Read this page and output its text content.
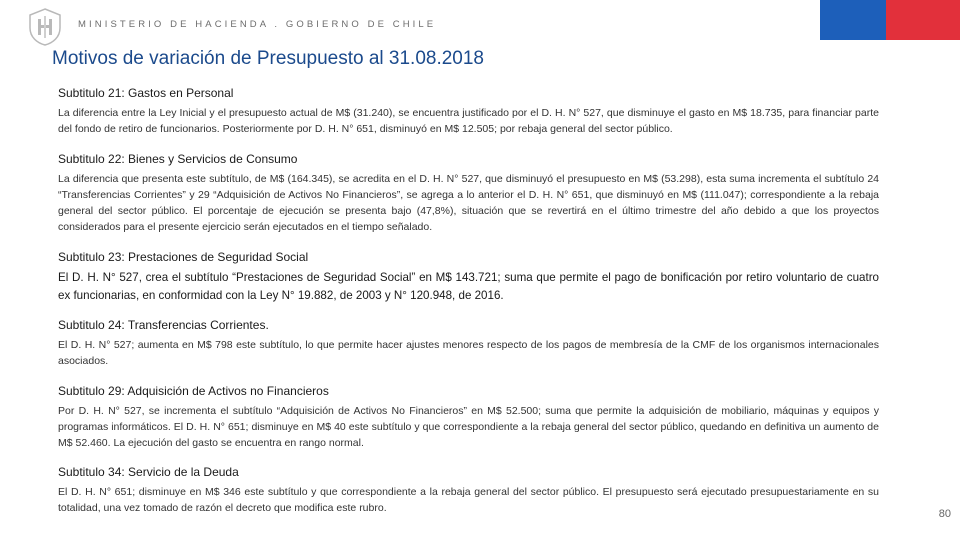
MINISTERIO DE HACIENDA . GOBIERNO DE CHILE
Motivos de variación de Presupuesto al 31.08.2018
Subtitulo 21: Gastos en Personal

La diferencia entre la Ley Inicial y el presupuesto actual de M$ (31.240), se encuentra justificado por el D. H. N° 527, que disminuye el gasto en M$ 18.735, para financiar parte del fondo de retiro de funcionarios. Posteriormente por D. H. N° 651, disminuyó en M$ 12.505; por rebaja general del sector público.

Subtitulo 22: Bienes y Servicios de Consumo

La diferencia que presenta este subtítulo, de M$ (164.345), se acredita en el D. H. N° 527, que disminuyó el presupuesto en M$ (53.298), esta suma incrementa el subtítulo 24 “Transferencias Corrientes” y 29 “Adquisición de Activos No Financieros”, se agrega a lo anterior el D. H. N° 651, que disminuyó en M$ (111.047); correspondiente a la rebaja general del sector público. El porcentaje de ejecución se presenta bajo (47,8%), situación que se revertirá en el último trimestre del año debido a que los proyectos considerados para el presente ejercicio serán ejecutados en el tiempo señalado.

Subtitulo 23: Prestaciones de Seguridad Social

El D. H. N° 527, crea el subtítulo “Prestaciones de Seguridad Social” en M$ 143.721; suma que permite el pago de bonificación por retiro voluntario de cuatro ex funcionarias, en conformidad con la Ley N° 19.882, de 2003 y N° 120.948, de 2016.

Subtitulo 24: Transferencias Corrientes.

El D. H. N° 527; aumenta en M$ 798 este subtítulo, lo que permite hacer ajustes menores respecto de los pagos de membresía de la CMF de los organismos internacionales asociados.

Subtitulo 29: Adquisición de Activos no Financieros

Por D. H. N° 527, se incrementa el subtítulo “Adquisición de Activos No Financieros” en M$ 52.500; suma que permite la adquisición de mobiliario, máquinas y equipos y programas informáticos. El D. H. N° 651; disminuye en M$ 40 este subtítulo y que correspondiente a la rebaja general del sector público, quedando en definitiva un aumento de M$ 52.460. La ejecución del gasto se encuentra en rango normal.

Subtitulo 34: Servicio de la Deuda

El D. H. N° 651; disminuye en M$ 346 este subtítulo y que correspondiente a la rebaja general del sector público. El presupuesto será ejecutado presupuestariamente en su totalidad, una vez tomado de razón el decreto que modifica este rubro.	80
